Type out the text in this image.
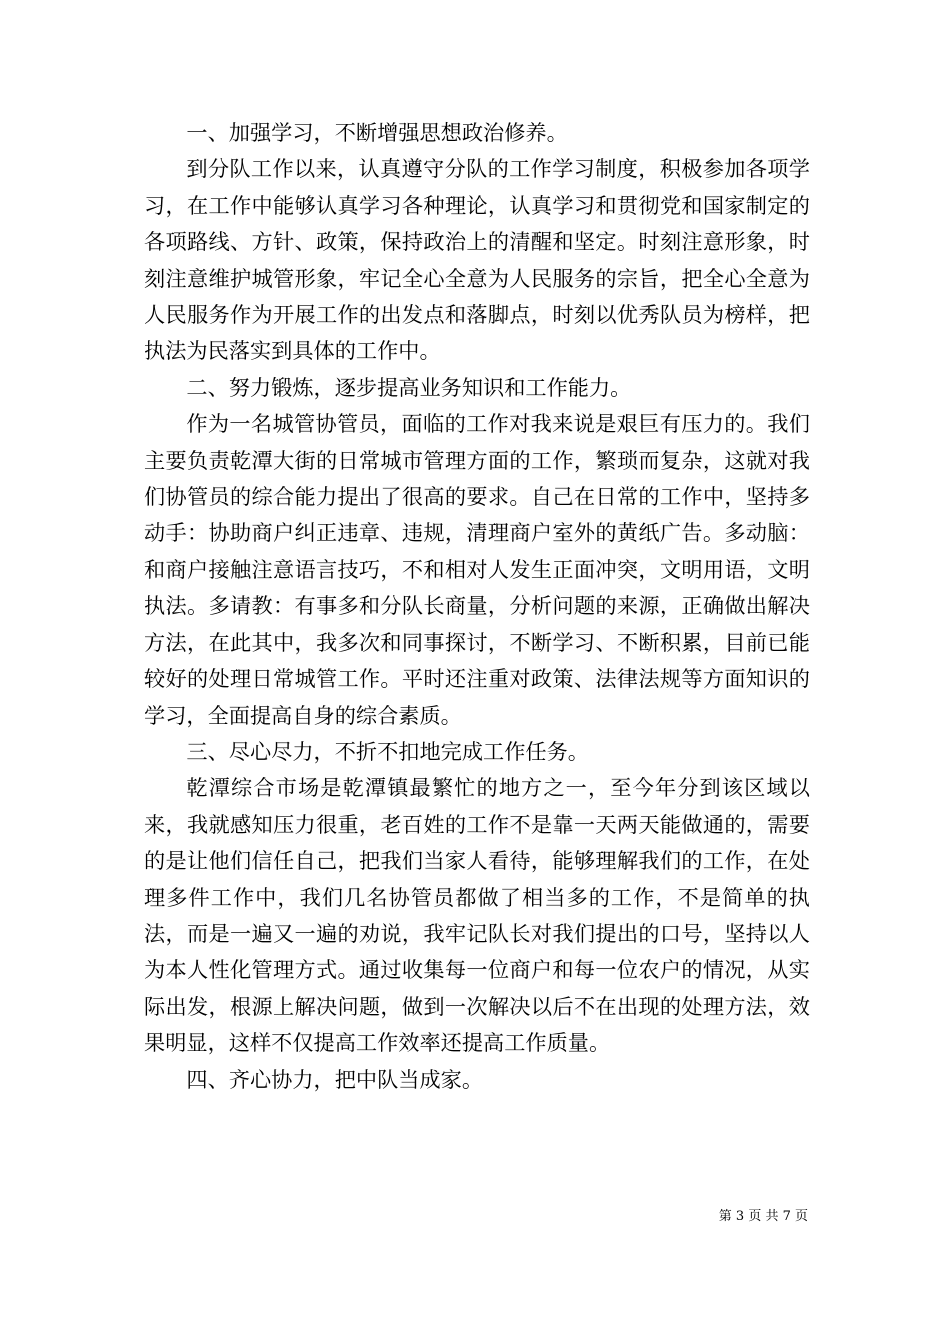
一、加强学习，不断增强思想政治修养。

到分队工作以来，认真遵守分队的工作学习制度，积极参加各项学习，在工作中能够认真学习各种理论，认真学习和贯彻党和国家制定的各项路线、方针、政策，保持政治上的清醒和坚定。时刻注意形象，时刻注意维护城管形象，牢记全心全意为人民服务的宗旨，把全心全意为人民服务作为开展工作的出发点和落脚点，时刻以优秀队员为榜样，把执法为民落实到具体的工作中。

二、努力锻炼，逐步提高业务知识和工作能力。

作为一名城管协管员，面临的工作对我来说是艰巨有压力的。我们主要负责乾潭大街的日常城市管理方面的工作，繁琐而复杂，这就对我们协管员的综合能力提出了很高的要求。自己在日常的工作中，坚持多动手：协助商户纠正违章、违规，清理商户室外的黄纸广告。多动脑：和商户接触注意语言技巧，不和相对人发生正面冲突，文明用语，文明执法。多请教：有事多和分队长商量，分析问题的来源，正确做出解决方法，在此其中，我多次和同事探讨，不断学习、不断积累，目前已能较好的处理日常城管工作。平时还注重对政策、法律法规等方面知识的学习，全面提高自身的综合素质。

三、尽心尽力，不折不扣地完成工作任务。

乾潭综合市场是乾潭镇最繁忙的地方之一，至今年分到该区域以来，我就感知压力很重，老百姓的工作不是靠一天两天能做通的，需要的是让他们信任自己，把我们当家人看待，能够理解我们的工作，在处理多件工作中，我们几名协管员都做了相当多的工作，不是简单的执法，而是一遍又一遍的劝说，我牢记队长对我们提出的口号，坚持以人为本人性化管理方式。通过收集每一位商户和每一位农户的情况，从实际出发，根源上解决问题，做到一次解决以后不在出现的处理方法，效果明显，这样不仅提高工作效率还提高工作质量。

四、齐心协力，把中队当成家。

第 3 页 共 7 页
